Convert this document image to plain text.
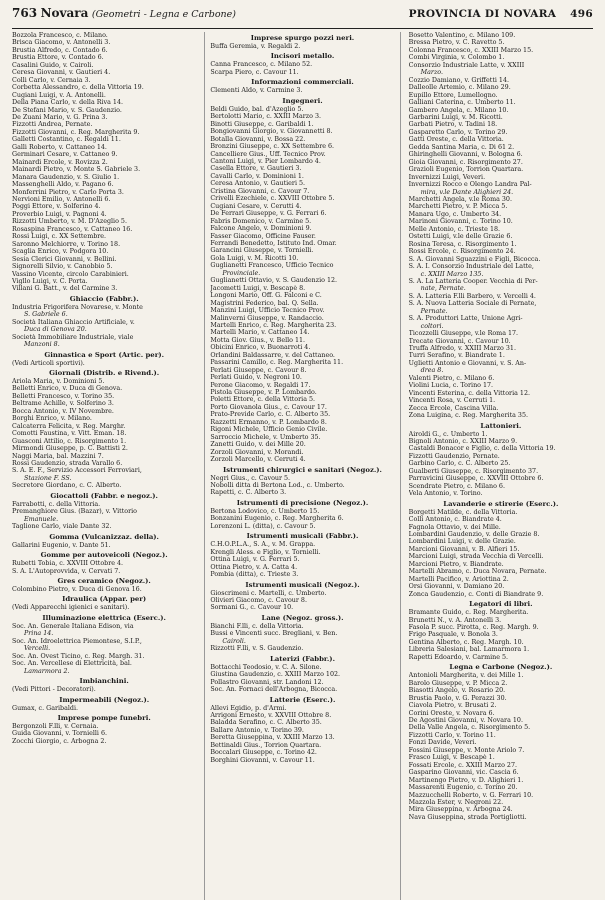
763 Novara (Geometri - Legna e Carbone)	PROVINCIA DI NOVARA 496
Bozzola Francesco, c. Milano.
Brisca Giacomo, v. Antonelli 3.
Brustia Alfredo, c. Contado 6.
Brustia Ettore, v. Contado 6.
Casalini Guido, v. Cairoli.
Ceresa Giovanni, v. Gautieri 4.
Colli Carlo, v. Cernaia 3.
Corbetta Alessandro, c. della Vittoria 19.
Cugiani Luigi, v. A. Antonelli.
Della Piana Carlo, v. della Riva 14.
De Stefani Mario, v. S. Gaudenzio.
De Zuani Mario, v. G. Prina 3.
Fizzotti Andrea, Pernate.
Fizzotti Giovanni, c. Reg. Margherita 9.
Galletti Costantino, c. Regaldi 11.
Galli Roberto, v. Cattaneo 14.
Germinari Cesare, v. Cattaneo 9.
Mainardi Ercole, v. Rovizza 2.
Mainardi Pietro, v. Monte S. Gabriele 3.
Manara Gaudenzio, v. S. Giulio 1.
Massenghelli Aldo, v. Pagano 6.
Monferrini Pietro, v. Carlo Porta 3.
Nervioni Emilio, v. Antonelli 6.
Poggi Ettore, v. Solferino 4.
Proverbio Luigi, v. Pagnoni 4.
Rizzotti Umberto, v. M. D'Azeglio 5.
Rosaspina Francesco, v. Cattaneo 16.
Rossi Luigi, c. XX Settembre.
Saronno Melchiorre, v. Torino 18.
Scaglia Enrico, v. Podgora 10.
Sesia Clerici Giovanni, v. Bellini.
Signorelli Silvio, v. Canobbio 5.
Vassino Vicente, circolo Carabinieri.
Vigllo Luigi, v. C. Porta.
Villani G. Batt., v. del Carmine 3.
Ghiaccio (Fabbr.).
Industria Frigorifera Novarese, v. Monte
S. Gabriele 6.
Società Italiana Ghiaccio Artificiale, v.
Duca di Genova 20.
Società Immobiliare Industriale, viale
Manzoni 8.
Ginnastica e Sport (Artic. per).
(Vedi Articoli sportivi).
Giornali (Distrib. e Rivend.).
Ariola Maria, v. Dominioni 5.
Belletti Enrico, v. Duca di Genova.
Belletti Francesco, v. Torino 35.
Beltrame Achille, v. Solferino 3.
Bocca Antonio, v. IV Novembre.
Borghi Enrico, v. Milano.
Calcaterra Felicita, v. Reg. Marghr.
Comotti Faustina, v. Vitt. Eman. 18.
Guasconi Attilio, c. Risorgimento 1.
Mirmondi Giuseppe, p. C. Battisti 2.
Naggi Maria, bal. Mazzini 7.
Rossi Gaudenzio, strada Varallo 6.
S. A. E. F., Servizio Accessori Ferroviari,
Stazione F. SS.
Secretore Giordano, c. C. Alberto.
Giocattoli (Fabbr. e negoz.).
Farrabotti, c. della Vittoria.
Premanghiore Gius. (Bazar), v. Vittorio
Emanuele.
Taglione Carlo, viale Dante 32.
Gomma (Vulcanizzaz. della).
Gallarini Eugenio, v. Dante 51.
Gomme per autoveicoli (Negoz.).
Rubetti Tobia, c. XXVIII Ottobre 4.
S. A. L'Autoprovvida, v. Cervati 7.
Gres ceramico (Negoz.).
Colombino Pietro, v. Duca di Genova 16.
Idraulica (Appar. per)
(Vedi Apparecchi igienici e sanitari).
Illuminazione elettrica (Eserc.).
Soc. An. Generale Italiana Edison, via
Prina 14.
Soc. An. Idroelettrica Piemontese, S.I.P.,
Vercelli.
Soc. An. Ovest Ticino, c. Reg. Margh. 31.
Soc. An. Vercellese di Elettricità, bal.
Lamarmora 2.
Imbianchini.
(Vedi Pittori - Decoratori).
Impermeabili (Negoz.).
Gumax, c. Garibaldi.
Imprese pompe funebri.
Bergonzoli F.lli, v. Cernaia.
Guida Giovanni, v. Tornielli 6.
Zocchi Giorgio, c. Arbogna 2.
Imprese spurgo pozzi neri.
Buffa Geremia, v. Regaldi 2.
Incisori metallo.
Canna Francesco, c. Milano 52.
Scarpa Piero, c. Cavour 11.
Informazioni commerciali.
Clementi Aldo, v. Carmine 3.
Ingegneri.
Beldi Guido, bal. d'Azeglio 5.
Bertolotti Mario, c. XXIII Marzo 3.
Binotti Giuseppe, c. Garibaldi 1.
Bongiovanni Giorgio, v. Giovannetti 8.
Botalla Giovanni, v. Bossa 22.
Bronzini Giuseppe, c. XX Settembre 6.
Cancelliere Gius., Uff. Tecnico Prov.
Cantoni Luigi, v. Pier Lombardo 4.
Casella Ettore, v. Gautieri 3.
Cavalli Carlo, v. Dominioni 1.
Ceresa Antonio, v. Gautieri 5.
Cristina Giovanni, c. Cavour 7.
Crivelli Ezechiele, c. XXVIII Ottobre 5.
Cugiani Cesare, v. Cerutti 4.
De Ferrari Giuseppe, v. G. Ferrari 6.
Fabris Domenico, v. Carmine 5.
Falcone Angelo, v. Dominioni 9.
Fasser Giacomo, Officine Fauser.
Ferrandi Benedetto, Istituto Ind. Omar.
Garancini Giuseppe, v. Tornielli.
Gola Luigi, v. M. Ricotti 10.
Guglianetti Francesco, Ufficio Tecnico
Provinciale.
Guglianetti Ottavio, v. S. Gaudenzio 12.
Jacometti Luigi, v. Bescapè 8.
Longoni Mario, Off. G. Falconi e C.
Magistrini Federico, bal. Q. Sella.
Manzini Luigi, Ufficio Tecnico Prov.
Malinverni Giuseppe, v. Randaccio.
Martelli Enrico, c. Reg. Margherita 23.
Martelli Mario, v. Cattaneo 14.
Motta Giov. Gius., v. Bello 11.
Obicini Enrico, v. Buonarroti 4.
Orlandini Baldassarre, v. del Cattaneo.
Passarini Camillo, c. Reg. Margherita 11.
Perlati Giuseppe, c. Cavour 8.
Perlati Guido, v. Negroni 10.
Perone Giacomo, v. Regaldi 17.
Pistola Giuseppe, v. P. Lombardo.
Poletti Ettore, c. della Vittoria 5.
Porto Giovanola Gius., c. Cavour 17.
Prato-Previde Carlo, c. C. Alberto 35.
Razzetti Ermanno, v. P. Lombardo 8.
Rigoni Michele, Ufficio Genio Civile.
Sarroccio Michele, v. Umberto 35.
Zanetti Guido, v. dei Mille 20.
Zorzoli Giovanni, v. Morandi.
Zorzoli Marcello, v. Cerruti 4.
Istrumenti chirurgici e sanitari (Negoz.).
Negri Gius., c. Cavour 5.
Nobolli ditta di Bertona Lod., c. Umberto.
Rapetti, c. C. Alberto 3.
Istrumenti di precisione (Negoz.).
Bertona Lodovico, c. Umberto 15.
Bonzanini Eugenio, c. Reg. Margherita 6.
Lorenzoni L. (ditta), c. Cavour 5.
Istrumenti musicali (Fabbr.).
C.H.O.P.L.A., S. A., v. M. Grappa.
Krengli Aless. e Figlio, v. Tornielli.
Ottina Luigi, v. G. Ferrari 5.
Ottina Pietro, v. A. Catta 4.
Pombia (ditta), c. Trieste 3.
Istrumenti musicali (Negoz.).
Gioscrimeni c. Martelli, c. Umberto.
Olivieri Giacomo, c. Cavour 8.
Sormani G., c. Cavour 10.
Lane (Negoz. gross.).
Bianchi F.lli, c. della Vittoria.
Bussi e Vincenti succ. Bregliani, v. Ben.
Cairoli.
Rizzotti F.lli, v. S. Gaudenzio.
Laterizi (Fabbr.).
Bottacchi Teodosio, v. C. A. Silone.
Giustina Gaudenzio, c. XXIII Marzo 102.
Pollastro Giovanni, str. Landoni 12.
Soc. An. Fornaci dell'Arbogna, Bicocca.
Latterie (Eserc.).
Allevi Egidio, p. d'Armi.
Arrigoni Ernesto, v. XXVIII Ottobre 8.
Baladda Serafino, c. C. Alberto 35.
Ballare Antonio, v. Torino 39.
Beretta Giuseppina, v. XXIII Marzo 13.
Bettinaldi Gius., Torrion Quartara.
Boccalari Giuseppe, c. Torino 42.
Borghini Giovanni, v. Cavour 11.
Bosetto Valentino, c. Milano 109.
Bressa Pietro, v. C. Ravetto 5.
Colonna Francesco, c. XXIII Marzo 15.
Combi Virginia, v. Colombo 1.
Consorzio Industriale Latte, v. XXIII
Marzo.
Cozzio Damiano, v. Griffetti 14.
Dalleolle Artemio, c. Milano 29.
Eupillo Ettore, Lumellogno.
Galliani Caterina, c. Umberto 11.
Gambero Angela, c. Milano 10.
Garbarini Luigi, v. M. Ricotti.
Garbati Pietro, v. Tadini 18.
Gasparetto Carlo, v. Torino 29.
Gatti Oreste, c. della Vittoria.
Gedda Santina Maria, c. Di 61 2.
Ghiringhelli Giovanni, v. Bologna 6.
Gioia Giovanni, c. Risorgimento 27.
Grazioli Eugenio, Torrion Quartara.
Invernizzi Luigi, Veveri.
Invernizzi Rocco e Olengo Landra Pal-
mira, v.le Dante Alighieri 24.
Marchetti Angela, v.le Roma 30.
Marchetti Pietro, v. P. Micca 5.
Manara Ugo, c. Umberto 34.
Marinoni Giovanni, c. Torino 10.
Melle Antonio, c. Trieste 18.
Ostetti Luigi, v.le delle Grazie 6.
Rosina Teresa, c. Risorgimento 1.
Rossi Ercole, c. Risorgimento 24.
S. A. Giovanni Sguazzini e Figli, Bicocca.
S. A. I. Consorzio Industriale del Latte,
c. XXIII Marzo 135.
S. A. La Latteria Cooper. Vecchia di Per-
nate, Pernate.
S. A. Latteria F.lli Barbero, v. Vercelli 4.
S. A. Nuova Latteria Sociale di Pernate,
Pernate.
S. A. Produttori Latte, Unione Agri-
coltori.
Ticozzelli Giuseppe, v.le Roma 17.
Trecate Giovanni, c. Cavour 10.
Truffa Alfredo, v. XXIII Marzo 31.
Turri Serafino, v. Biandrate 1.
Uglietti Antonio e Giovanni, v. S. An-
drea 8.
Valenti Pietro, c. Milano 6.
Violini Lucia, c. Torino 17.
Vincenti Esterina, c. della Vittoria 12.
Vincenti Rosa, v. Cerruti 1.
Zecca Ercole, Cascina Villa.
Zona Luigina, c. Reg. Margherita 35.
Lattonieri.
Airoldi G., c. Umberto 1.
Bignoli Antonio, c. XXIII Marzo 9.
Castaldi Bonacor e Figlio, c. della Vittoria 19.
Fizzotti Gaudenzio, Pernate.
Garbino Carlo, c. C. Alberto 25.
Gualberti Giuseppe, c. Risorgimento 37.
Parravicini Giuseppe, c. XXVIII Ottobre 6.
Scendrate Pietro, c. Milano 6.
Vela Antonio, v. Torino.
Lavanderie e stirerie (Eserc.).
Borgetti Matilde, c. della Vittoria.
Colli Antonio, c. Biandrate 4.
Fagnola Ottavio, v. dei Mille.
Lombardini Gaudenzio, v. delle Grazie 8.
Lombardini Luigi, v. delle Grazie.
Marcioni Giovanni, v. B. Alfieri 15.
Marcioni Luigi, strada Vecchia di Vercelli.
Marcioni Pietro, v. Biandrate.
Martelli Abramo, c. Duca Novara, Pernate.
Martelli Pacifico, v. Ariottina 2.
Orsi Giovanni, v. Damiano 20.
Zonca Gaudenzio, c. Conti di Biandrate 9.
Legatori di libri.
Bramante Guido, c. Reg. Margherita.
Brunetti N., v. A. Antonelli 3.
Fasola P. succ. Pirotta, c. Reg. Margh. 9.
Frigo Pasquale, v. Bonola 3.
Gentina Alberto, c. Reg. Margh. 10.
Libreria Salesiani, bal. Lamarmora 1.
Rapetti Edoardo, v. Carmine 5.
Legna e Carbone (Negoz.).
Antonioli Margherita, v. dei Mille 1.
Barolo Giuseppe, v. P. Micca 2.
Biasotti Angelo, v. Rosario 20.
Brustia Paolo, v. G. Perazzi 30.
Ciavola Pietro, v. Brusati 2.
Corini Oreste, v. Novara 6.
De Agostini Giovanni, v. Novara 10.
Della Valle Angela, c. Risorgimento 5.
Fizzotti Carlo, v. Torino 11.
Fonzi Davide, Veveri.
Fossini Giuseppe, v. Monte Ariolo 7.
Frasco Luigi, v. Bescapè 1.
Fossati Ercole, c. XXIII Marzo 27.
Gasparino Giovanni, vic. Cascia 6.
Martinengo Pietro, v. D. Alighieri 1.
Massarenti Eugenio, c. Torino 20.
Mazzucchelli Roberto, v. G. Ferrari 10.
Mazzola Ester, v. Negroni 22.
Mira Giuseppina, v. Arbogna 24.
Nava Giuseppina, strada Portigliotti.
